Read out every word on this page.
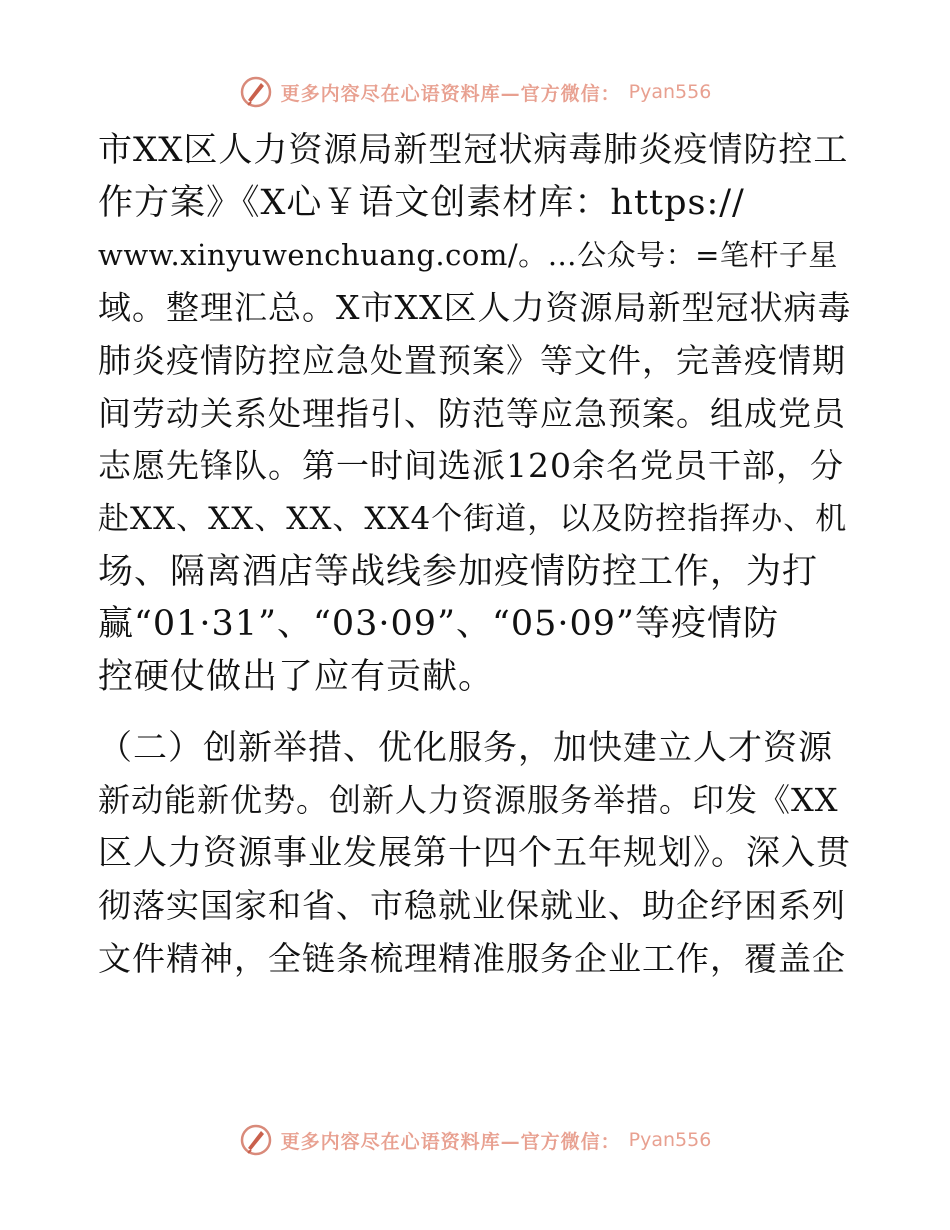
更多内容尽在心语资料库—官方微信： Pyan556
市XX区人力资源局新型冠状病毒肺炎疫情防控工
作方案》《X心￥语文创素材库：https://
www.xinyuwenchuang.com/。…公众号：=笔杆子星
域。整理汇总。X市XX区人力资源局新型冠状病毒
肺炎疫情防控应急处置预案》等文件，完善疫情期
间劳动关系处理指引、防范等应急预案。组成党员
志愿先锋队。第一时间选派120余名党员干部，分
赴XX、XX、XX、XX4个街道，以及防控指挥办、机
场、隔离酒店等战线参加疫情防控工作，为打
赢“01·31”、“03·09”、“05·09”等疫情防
控硬仗做出了应有贡献。
（二）创新举措、优化服务，加快建立人才资源
新动能新优势。创新人力资源服务举措。印发《XX
区人力资源事业发展第十四个五年规划》。深入贯
彻落实国家和省、市稳就业保就业、助企纾困系列
文件精神，全链条梳理精准服务企业工作，覆盖企
更多内容尽在心语资料库—官方微信： Pyan556
